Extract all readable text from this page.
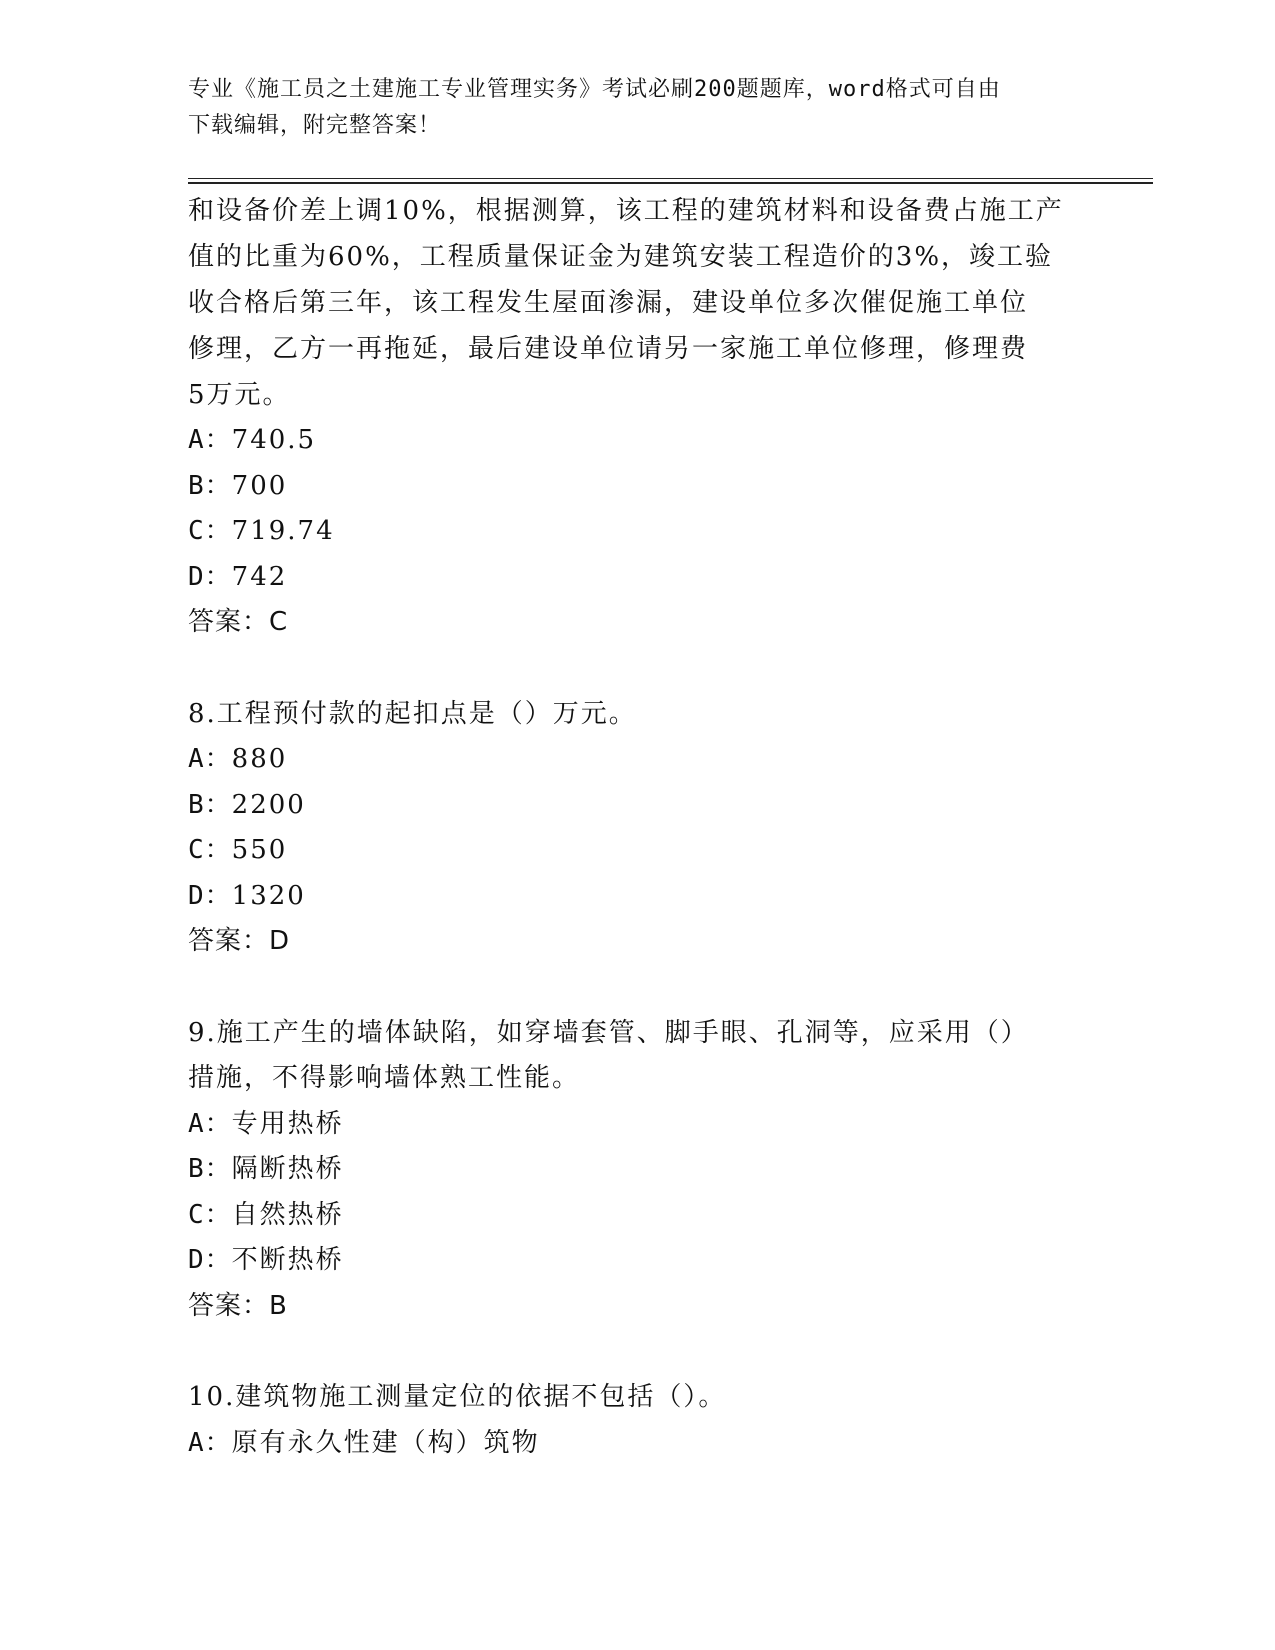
专业《施工员之土建施工专业管理实务》考试必刷200题题库，word格式可自由
下载编辑，附完整答案！

和设备价差上调10%，根据测算，该工程的建筑材料和设备费占施工产

值的比重为60%，工程质量保证金为建筑安装工程造价的3%，竣工验

收合格后第三年，该工程发生屋面渗漏，建设单位多次催促施工单位

修理，乙方一再拖延，最后建设单位请另一家施工单位修理，修理费

5万元。

A：740.5

B：700

C：719.74

D：742

答案：C

8.工程预付款的起扣点是（）万元。

A：880

B：2200

C：550

D：1320

答案：D

9.施工产生的墙体缺陷，如穿墙套管、脚手眼、孔洞等，应采用（）

措施，不得影响墙体熟工性能。

A：专用热桥

B：隔断热桥

C：自然热桥

D：不断热桥

答案：B

10.建筑物施工测量定位的依据不包括（）。

A：原有永久性建（构）筑物
